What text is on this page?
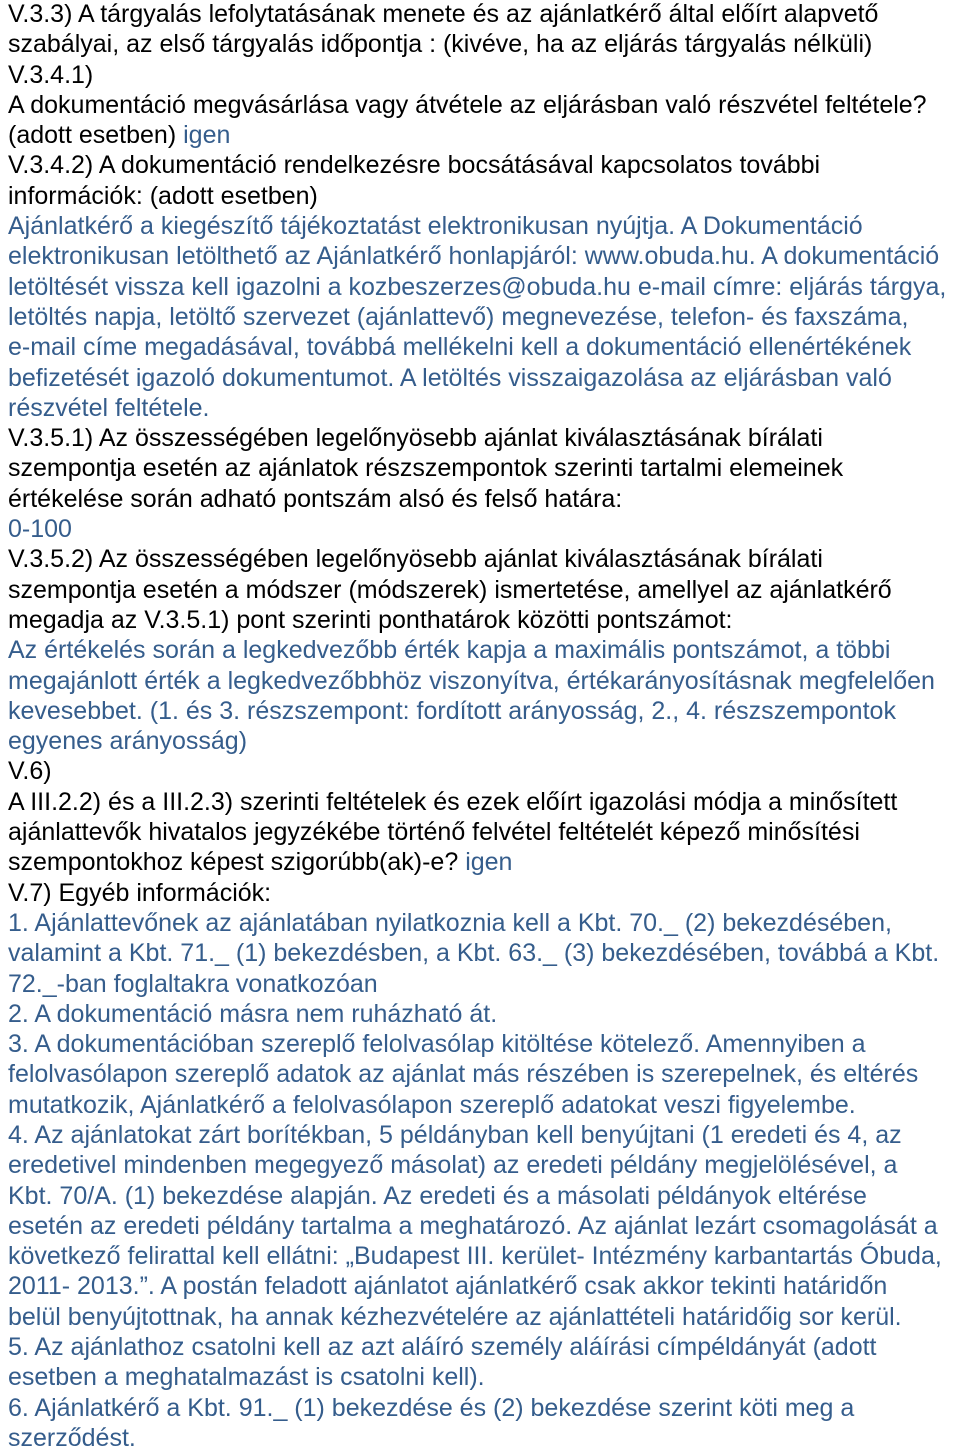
V.3.3) A tárgyalás lefolytatásának menete és az ajánlatkérő által előírt alapvető
szabályai, az első tárgyalás időpontja : (kivéve, ha az eljárás tárgyalás nélküli)
V.3.4.1)
A dokumentáció megvásárlása vagy átvétele az eljárásban való részvétel feltétele?
(adott esetben) igen
V.3.4.2) A dokumentáció rendelkezésre bocsátásával kapcsolatos további
információk: (adott esetben)
Ajánlatkérő a kiegészítő tájékoztatást elektronikusan nyújtja. A Dokumentáció
elektronikusan letölthető az Ajánlatkérő honlapjáról: www.obuda.hu. A dokumentáció
letöltését vissza kell igazolni a kozbeszerzes@obuda.hu e-mail címre: eljárás tárgya,
letöltés napja, letöltő szervezet (ajánlattevő) megnevezése, telefon- és faxszáma,
e-mail címe megadásával, továbbá mellékelni kell a dokumentáció ellenértékének
befizetését igazoló dokumentumot. A letöltés visszaigazolása az eljárásban való
részvétel feltétele.
V.3.5.1) Az összességében legelőnyösebb ajánlat kiválasztásának bírálati
szempontja esetén az ajánlatok részszempontok szerinti tartalmi elemeinek
értékelése során adható pontszám alsó és felső határa:
0-100
V.3.5.2) Az összességében legelőnyösebb ajánlat kiválasztásának bírálati
szempontja esetén a módszer (módszerek) ismertetése, amellyel az ajánlatkérő
megadja az V.3.5.1) pont szerinti ponthatárok közötti pontszámot:
Az értékelés során a legkedvezőbb érték kapja a maximális pontszámot, a többi
megajánlott érték a legkedvezőbbhöz viszonyítva, értékarányosításnak megfelelően
kevesebbet. (1. és 3. részszempont: fordított arányosság, 2., 4. részszempontok
egyenes arányosság)
V.6)
A III.2.2) és a III.2.3) szerinti feltételek és ezek előírt igazolási módja a minősített
ajánlattevők hivatalos jegyzékébe történő felvétel feltételét képező minősítési
szempontokhoz képest szigorúbb(ak)-e? igen
V.7) Egyéb információk:
1. Ajánlattevőnek az ajánlatában nyilatkoznia kell a Kbt. 70._ (2) bekezdésében,
valamint a Kbt. 71._ (1) bekezdésben, a Kbt. 63._ (3) bekezdésében, továbbá a Kbt.
72._-ban foglaltakra vonatkozóan
2. A dokumentáció másra nem ruházható át.
3. A dokumentációban szereplő felolvasólap kitöltése kötelező. Amennyiben a
felolvasólapon szereplő adatok az ajánlat más részében is szerepelnek, és eltérés
mutatkozik, Ajánlatkérő a felolvasólapon szereplő adatokat veszi figyelembe.
4. Az ajánlatokat zárt borítékban, 5 példányban kell benyújtani (1 eredeti és 4, az
eredetivel mindenben megegyező másolat) az eredeti példány megjelölésével, a
Kbt. 70/A. (1) bekezdése alapján. Az eredeti és a másolati példányok eltérése
esetén az eredeti példány tartalma a meghatározó. Az ajánlat lezárt csomagolását a
következő felirattal kell ellátni: „Budapest III. kerület- Intézmény karbantartás Óbuda,
2011- 2013.”. A postán feladott ajánlatot ajánlatkérő csak akkor tekinti határidőn
belül benyújtottnak, ha annak kézhezvételére az ajánlattételi határidőig sor kerül.
5. Az ajánlathoz csatolni kell az azt aláíró személy aláírási címpéldányát (adott
esetben a meghatalmazást is csatolni kell).
6. Ajánlatkérő a Kbt. 91._ (1) bekezdése és (2) bekezdése szerint köti meg a
szerződést.
